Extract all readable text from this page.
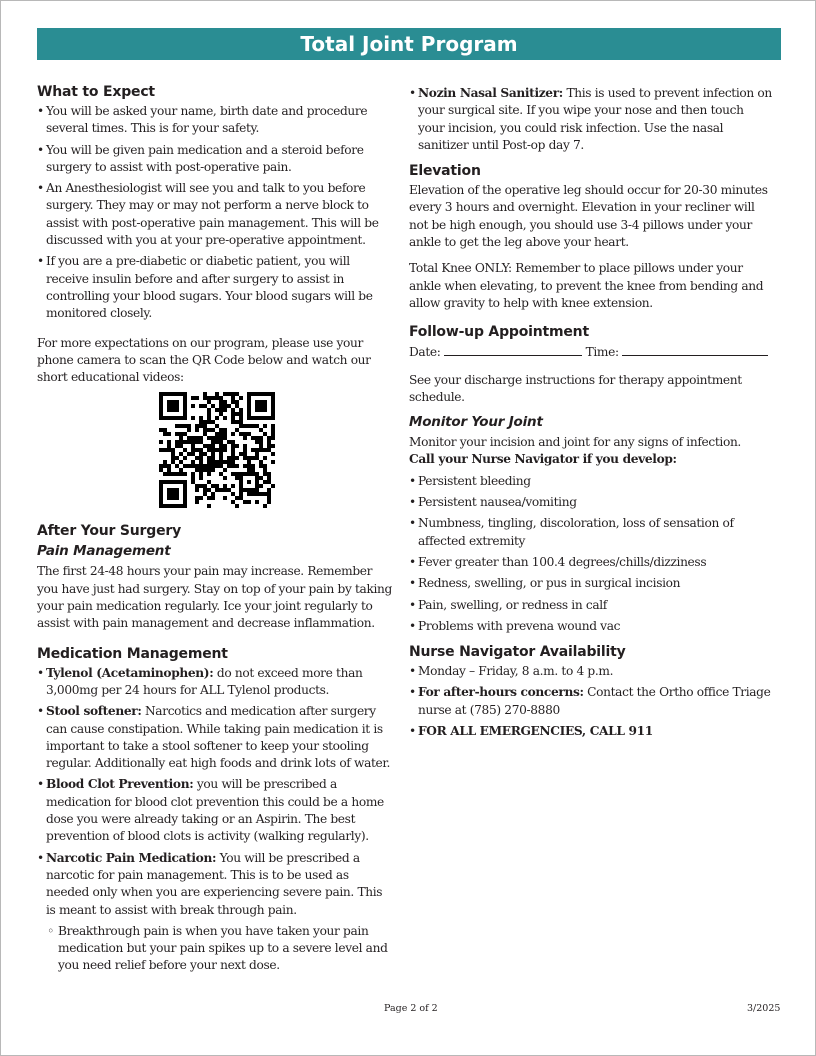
Total Joint Program
What to Expect
• You will be asked your name, birth date and procedure several times. This is for your safety.
• You will be given pain medication and a steroid before surgery to assist with post-operative pain.
• An Anesthesiologist will see you and talk to you before surgery. They may or may not perform a nerve block to assist with post-operative pain management. This will be discussed with you at your pre-operative appointment.
• If you are a pre-diabetic or diabetic patient, you will receive insulin before and after surgery to assist in controlling your blood sugars. Your blood sugars will be monitored closely.

For more expectations on our program, please use your phone camera to scan the QR Code below and watch our short educational videos:

After Your Surgery
Pain Management

The first 24-48 hours your pain may increase. Remember you have just had surgery. Stay on top of your pain by taking your pain medication regularly. Ice your joint regularly to assist with pain management and decrease inflammation.

Medication Management
• Tylenol (Acetaminophen): do not exceed more than 3,000mg per 24 hours for ALL Tylenol products.
• Stool softener: Narcotics and medication after surgery can cause constipation. While taking pain medication it is important to take a stool softener to keep your stooling regular. Additionally eat high foods and drink lots of water.
• Blood Clot Prevention: you will be prescribed a medication for blood clot prevention this could be a home dose you were already taking or an Aspirin. The best prevention of blood clots is activity (walking regularly).
• Narcotic Pain Medication: You will be prescribed a narcotic for pain management. This is to be used as needed only when you are experiencing severe pain. This is meant to assist with break through pain.
◦ Breakthrough pain is when you have taken your pain medication but your pain spikes up to a severe level and you need relief before your next dose.
• Nozin Nasal Sanitizer: This is used to prevent infection on your surgical site. If you wipe your nose and then touch your incision, you could risk infection. Use the nasal sanitizer until Post-op day 7.
Elevation

Elevation of the operative leg should occur for 20-30 minutes every 3 hours and overnight. Elevation in your recliner will not be high enough, you should use 3-4 pillows under your ankle to get the leg above your heart.

Total Knee ONLY: Remember to place pillows under your ankle when elevating, to prevent the knee from bending and allow gravity to help with knee extension.

Follow-up Appointment

Date:	Time:

See your discharge instructions for therapy appointment schedule.

Monitor Your Joint

Monitor your incision and joint for any signs of infection.
Call your Nurse Navigator if you develop:

• Persistent bleeding
• Persistent nausea/vomiting
• Numbness, tingling, discoloration, loss of sensation of affected extremity
• Fever greater than 100.4 degrees/chills/dizziness
• Redness, swelling, or pus in surgical incision
• Pain, swelling, or redness in calf
• Problems with prevena wound vac
Nurse Navigator Availability
• Monday – Friday, 8 a.m. to 4 p.m.
• For after-hours concerns: Contact the Ortho office Triage nurse at (785) 270-8880
• FOR ALL EMERGENCIES, CALL 911
Page 2 of 2	3/2025
